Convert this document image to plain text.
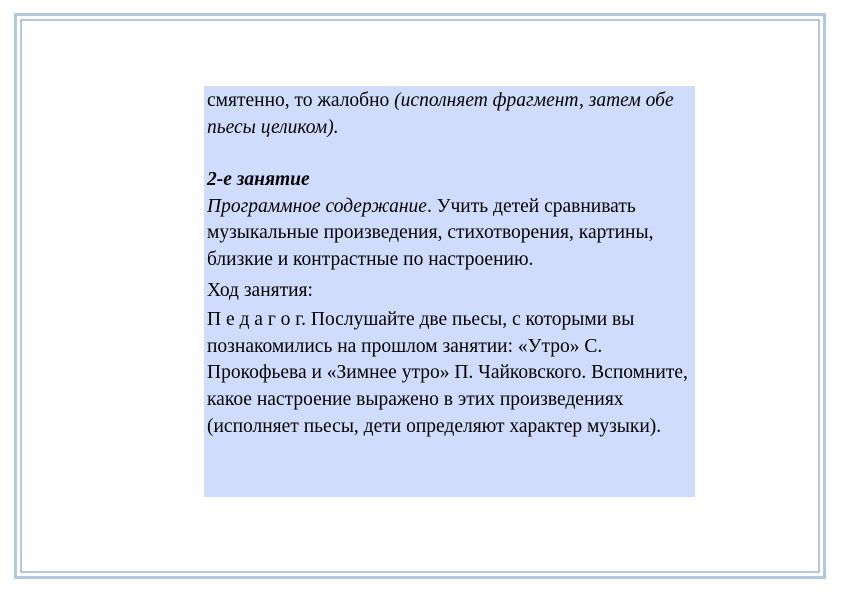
смятенно, то жалобно (исполняет фрагмент, затем обе пьесы целиком).

2-е занятие

Программное содержание. Учить детей сравнивать музыкальные произведения, стихотворения, картины, близкие и контрастные по настроению.

Ход занятия:

П е д а г о г. Послушайте две пьесы, с которыми вы познакомились на прошлом занятии: «Утро» С. Прокофьева и «Зимнее утро» П. Чайковского. Вспомните, какое настроение выражено в этих произведениях (исполняет пьесы, дети определяют характер музыки).
